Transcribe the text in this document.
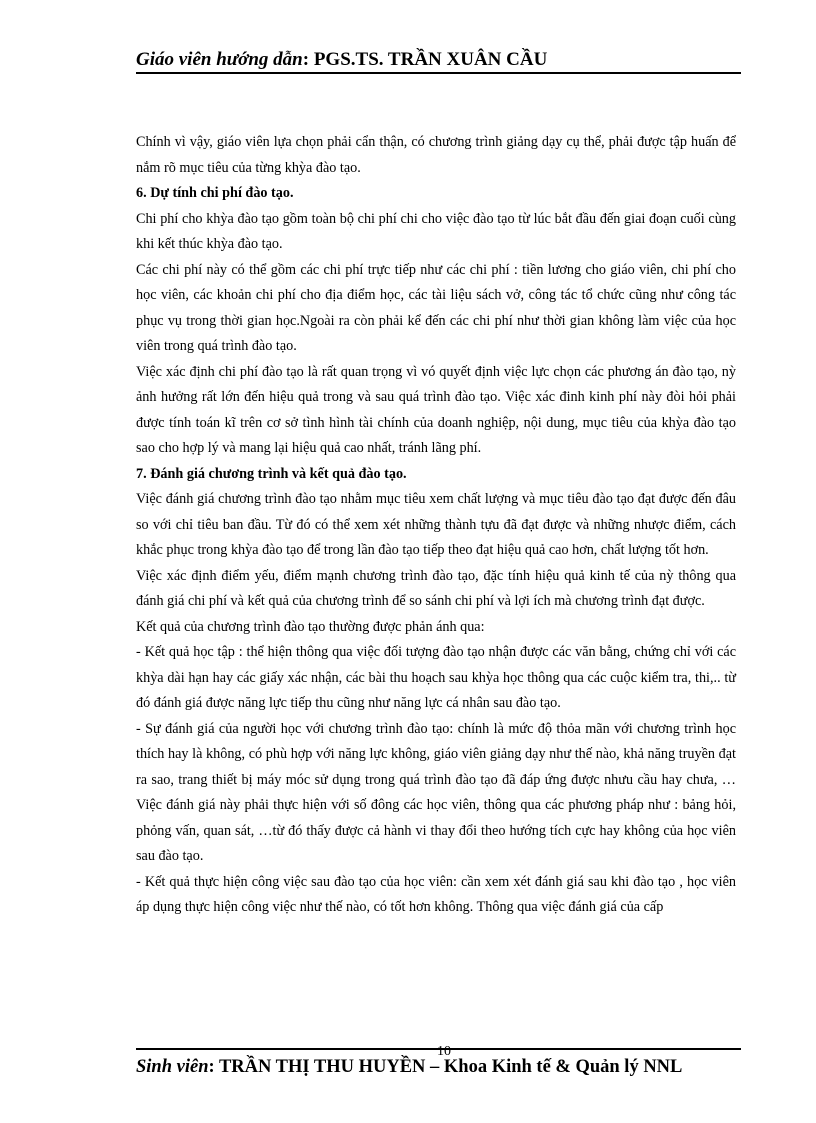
Giáo viên hướng dẫn: PGS.TS. TRẦN XUÂN CẦU

Chính vì vậy, giáo viên lựa chọn phải cẩn thận, có chương trình giảng dạy cụ thể, phải được tập huấn để nắm rõ mục tiêu của từng khỳa đào tạo.

6. Dự tính chi phí đào tạo.

Chi phí cho khỳa đào tạo gồm toàn bộ chi phí chi cho việc đào tạo từ lúc bắt đầu đến giai đoạn cuối cùng khi kết thúc khỳa đào tạo.

Các chi phí này có thể gồm các chi phí trực tiếp như các chi phí : tiền lương cho giáo viên, chi phí cho học viên, các khoản chi phí cho địa điểm học, các tài liệu sách vở, công tác tổ chức cũng như công tác phục vụ trong thời gian học.Ngoài ra còn phải kể đến các chi phí như thời gian không làm việc của học viên trong quá trình đào tạo.

Việc xác định chi phí đào tạo là rất quan trọng vì vó quyết định việc lực chọn các phương án đào tạo, nỳ ảnh hưởng rất lớn đến hiệu quả trong và sau quá trình đào tạo. Việc xác đinh kinh phí này đòi hỏi phải được tính toán kĩ trên cơ sở tình hình tài chính của doanh nghiệp, nội dung, mục tiêu của khỳa đào tạo sao cho hợp lý và mang lại hiệu quả cao nhất, tránh lãng phí.

7. Đánh giá chương trình và kết quả đào tạo.

Việc đánh giá chương trình đào tạo nhằm mục tiêu xem chất lượng và mục tiêu đào tạo đạt được đến đâu so với chỉ tiêu ban đầu. Từ đó có thể xem xét những thành tựu đã đạt được và những nhược điểm, cách khắc phục trong khỳa đào tạo để trong lần đào tạo tiếp theo đạt hiệu quả cao hơn, chất lượng tốt hơn.

Việc xác định điểm yếu, điểm mạnh chương trình đào tạo, đặc tính hiệu quả kinh tế của nỳ thông qua đánh giá chi phí và kết quả của chương trình để so sánh chi phí và lợi ích mà chương trình đạt được.

Kết quả của chương trình đào tạo thường được phản ánh qua:

- Kết quả học tập : thể hiện thông qua việc đối tượng đào tạo nhận được các văn bằng, chứng chỉ với các khỳa dài hạn hay các giấy xác nhận, các bài thu hoạch sau khỳa học thông qua các cuộc kiểm tra, thi,.. từ đó đánh giá được năng lực tiếp thu cũng như năng lực cá nhân sau đào tạo.

- Sự đánh giá của người học với chương trình đào tạo: chính là mức độ thỏa mãn với chương trình học thích hay là không, có phù hợp với năng lực không, giáo viên giảng dạy như thế nào, khả năng truyền đạt ra sao, trang thiết bị máy móc sử dụng trong quá trình đào tạo đã đáp ứng được nhưu cầu hay chưa, …Việc đánh giá này phải thực hiện với số đông các học viên, thông qua các phương pháp như : bảng hỏi, phỏng vấn, quan sát, …từ đó thấy được cả hành vi thay đổi theo hướng tích cực hay không của học viên sau đào tạo.

- Kết quả thực hiện công việc sau đào tạo của học viên: cần xem xét đánh giá sau khi đào tạo , học viên áp dụng thực hiện công việc như thế nào, có tốt hơn không. Thông qua việc đánh giá của cấp

10
Sinh viên: TRẦN THỊ THU HUYỀN – Khoa Kinh tế & Quản lý NNL
